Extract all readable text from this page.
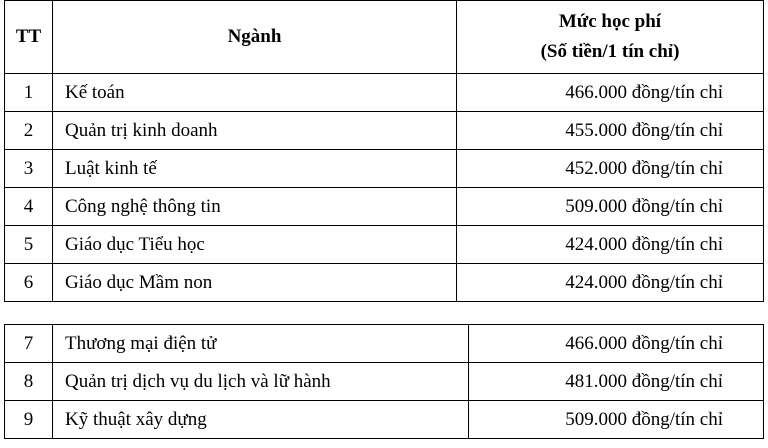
TT	Ngành	Mức học phí
(Số tiền/1 tín chỉ)

1	Kế toán	466.000 đồng/tín chỉ
2	Quản trị kinh doanh	455.000 đồng/tín chỉ
3	Luật kinh tế	452.000 đồng/tín chỉ
4	Công nghệ thông tin	509.000 đồng/tín chỉ
5	Giáo dục Tiểu học	424.000 đồng/tín chỉ
6	Giáo dục Mầm non	424.000 đồng/tín chỉ
7	Thương mại điện tử	466.000 đồng/tín chỉ
8	Quản trị dịch vụ du lịch và lữ hành	481.000 đồng/tín chỉ
9	Kỹ thuật xây dựng	509.000 đồng/tín chỉ
